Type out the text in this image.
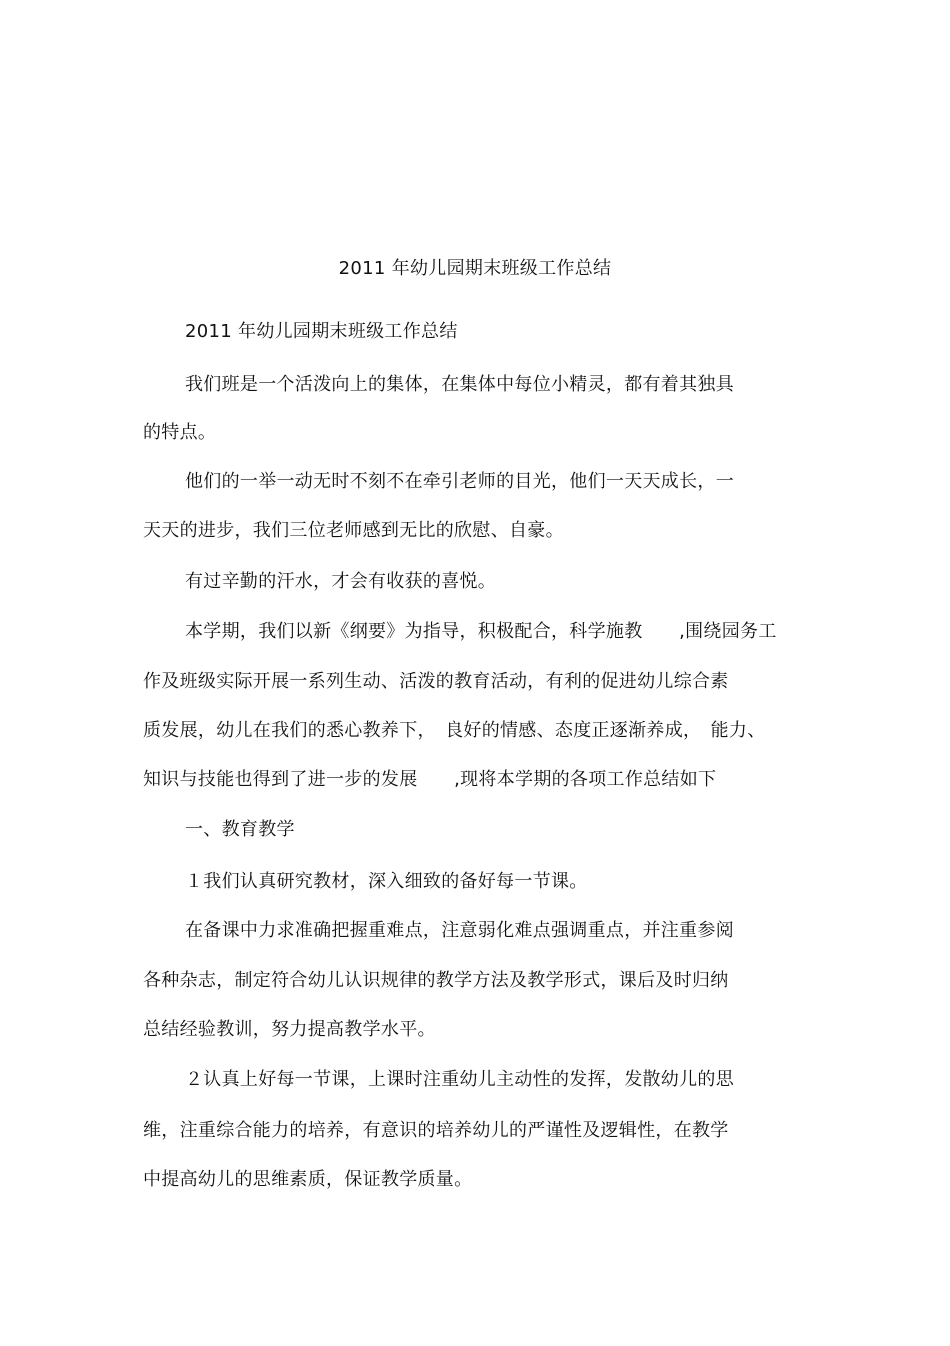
2011 年幼儿园期末班级工作总结
2011 年幼儿园期末班级工作总结
我们班是一个活泼向上的集体，在集体中每位小精灵，都有着其独具
的特点。
他们的一举一动无时不刻不在牵引老师的目光，他们一天天成长，一
天天的进步，我们三位老师感到无比的欣慰、自豪。
有过辛勤的汗水，才会有收获的喜悦。
本学期，我们以新《纲要》为指导，积极配合，科学施教　　,围绕园务工
作及班级实际开展一系列生动、活泼的教育活动，有利的促进幼儿综合素
质发展，幼儿在我们的悉心教养下，　良好的情感、态度正逐渐养成，　能力、
知识与技能也得到了进一步的发展　　,现将本学期的各项工作总结如下
一、教育教学
１我们认真研究教材，深入细致的备好每一节课。
在备课中力求准确把握重难点，注意弱化难点强调重点，并注重参阅
各种杂志，制定符合幼儿认识规律的教学方法及教学形式，课后及时归纳
总结经验教训，努力提高教学水平。
２认真上好每一节课，上课时注重幼儿主动性的发挥，发散幼儿的思
维，注重综合能力的培养，有意识的培养幼儿的严谨性及逻辑性，在教学
中提高幼儿的思维素质，保证教学质量。
